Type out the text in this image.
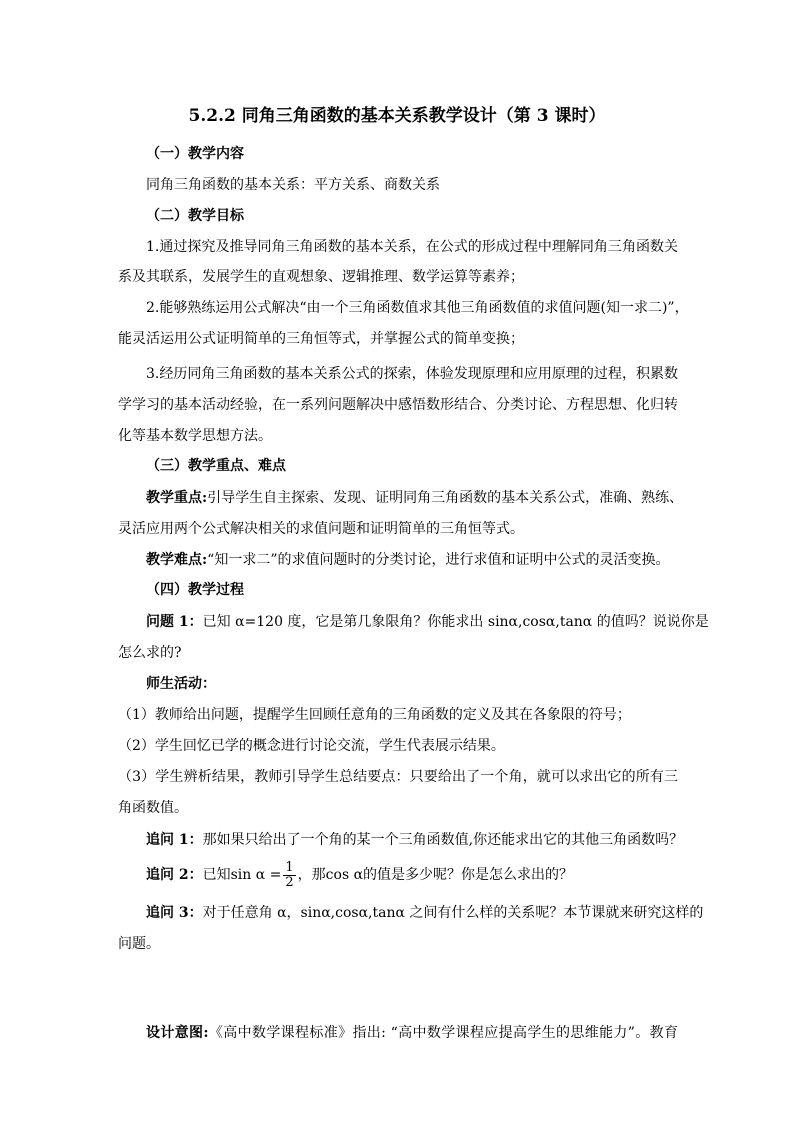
5.2.2 同角三角函数的基本关系教学设计（第 3 课时）
（一）教学内容
同角三角函数的基本关系：平方关系、商数关系
（二）教学目标
1.通过探究及推导同角三角函数的基本关系，在公式的形成过程中理解同角三角函数关
系及其联系，发展学生的直观想象、逻辑推理、数学运算等素养；
2.能够熟练运用公式解决“由一个三角函数值求其他三角函数值的求值问题(知一求二)”，
能灵活运用公式证明简单的三角恒等式，并掌握公式的简单变换；
3.经历同角三角函数的基本关系公式的探索，体验发现原理和应用原理的过程，积累数
学学习的基本活动经验，在一系列问题解决中感悟数形结合、分类讨论、方程思想、化归转
化等基本数学思想方法。
（三）教学重点、难点
教学重点:引导学生自主探索、发现、证明同角三角函数的基本关系公式，准确、熟练、
灵活应用两个公式解决相关的求值问题和证明简单的三角恒等式。
教学难点:“知一求二”的求值问题时的分类讨论，进行求值和证明中公式的灵活变换。
（四）教学过程
问题 1：已知 α=120 度，它是第几象限角？你能求出 sinα,cosα,tanα 的值吗？说说你是
怎么求的?
师生活动：
（1）教师给出问题，提醒学生回顾任意角的三角函数的定义及其在各象限的符号；
（2）学生回忆已学的概念进行讨论交流，学生代表展示结果。
（3）学生辨析结果，教师引导学生总结要点：只要给出了一个角，就可以求出它的所有三
角函数值。
追问 1：那如果只给出了一个角的某一个三角函数值,你还能求出它的其他三角函数吗？
追问 2：已知$\sin \alpha = \frac{1}{2}$ ，那cos α的值是多少呢？你是怎么求出的？
追问 3：对于任意角 α，sinα,cosα,tanα 之间有什么样的关系呢？本节课就来研究这样的
问题。
设计意图:《高中数学课程标准》指出: “高中数学课程应提高学生的思维能力”。教育
